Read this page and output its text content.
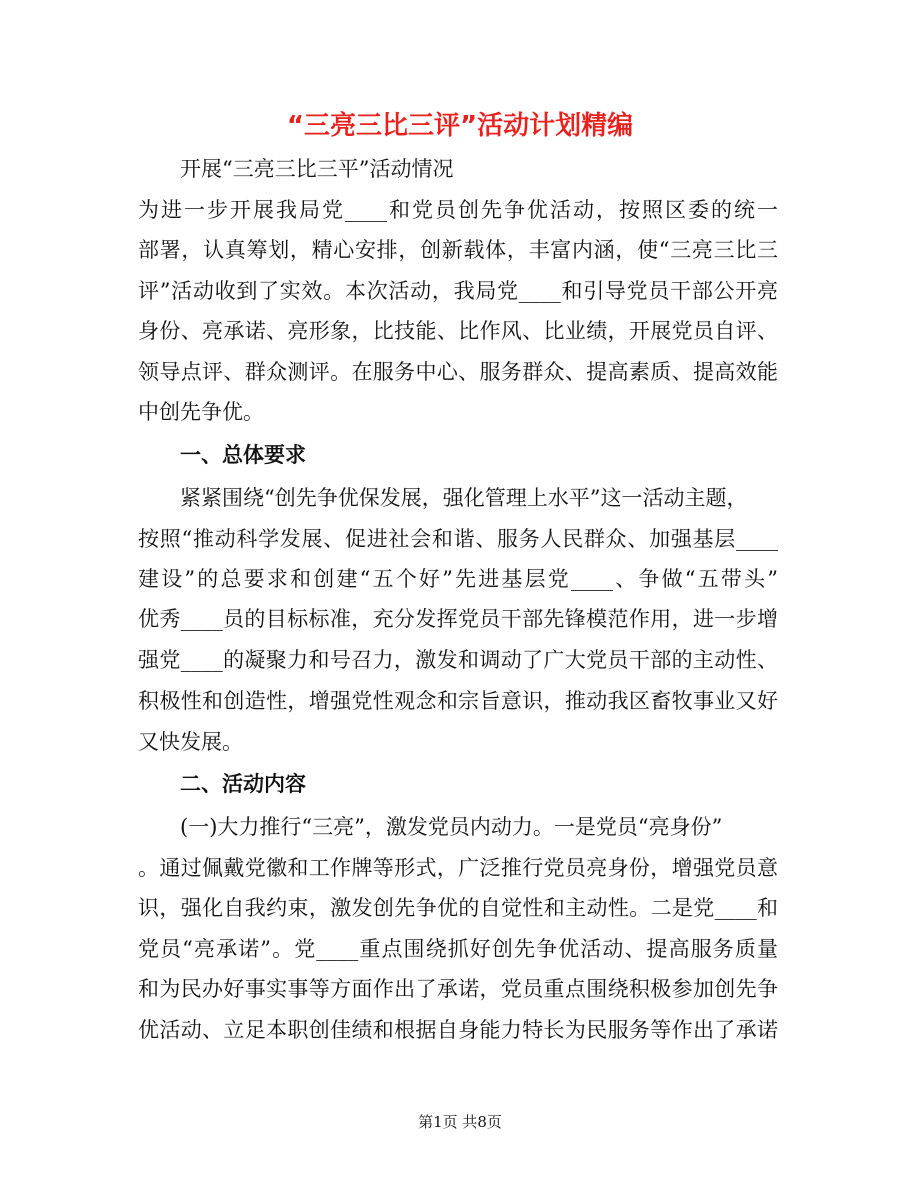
“三亮三比三评”活动计划精编
开展“三亮三比三平”活动情况
为进一步开展我局党____和党员创先争优活动，按照区委的统一
部署，认真筹划，精心安排，创新载体，丰富内涵，使“三亮三比三
评”活动收到了实效。本次活动，我局党____和引导党员干部公开亮
身份、亮承诺、亮形象，比技能、比作风、比业绩，开展党员自评、
领导点评、群众测评。在服务中心、服务群众、提高素质、提高效能
中创先争优。
一、总体要求
紧紧围绕“创先争优保发展，强化管理上水平”这一活动主题，
按照“推动科学发展、促进社会和谐、服务人民群众、加强基层____
建设”的总要求和创建“五个好”先进基层党____、争做“五带头”
优秀____员的目标标准，充分发挥党员干部先锋模范作用，进一步增
强党____的凝聚力和号召力，激发和调动了广大党员干部的主动性、
积极性和创造性，增强党性观念和宗旨意识，推动我区畜牧事业又好
又快发展。
二、活动内容
(一)大力推行“三亮”，激发党员内动力。一是党员“亮身份”
。通过佩戴党徽和工作牌等形式，广泛推行党员亮身份，增强党员意
识，强化自我约束，激发创先争优的自觉性和主动性。二是党____和
党员“亮承诺”。党____重点围绕抓好创先争优活动、提高服务质量
和为民办好事实事等方面作出了承诺，党员重点围绕积极参加创先争
优活动、立足本职创佳绩和根据自身能力特长为民服务等作出了承诺
第1页 共8页
